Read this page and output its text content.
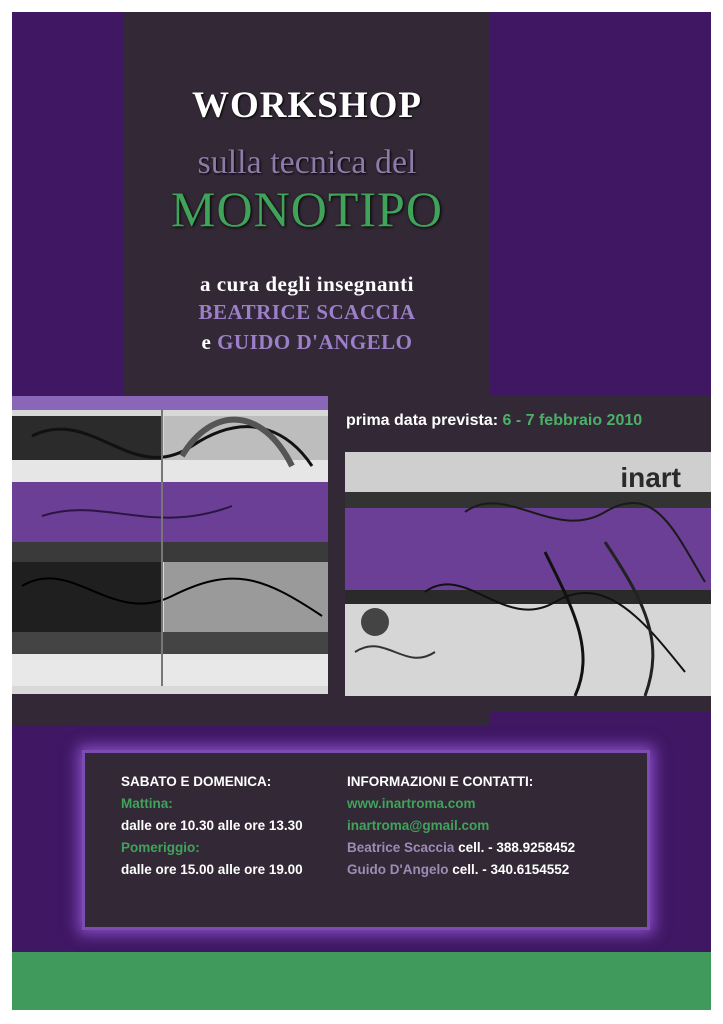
WORKSHOP
sulla tecnica del
MONOTIPO
a cura degli insegnanti
BEATRICE SCACCIA
e GUIDO D'ANGELO
prima data prevista: 6 - 7 febbraio 2010
inart
SABATO E DOMENICA:
Mattina:
dalle ore 10.30 alle ore 13.30
Pomeriggio:
dalle ore 15.00 alle ore 19.00
INFORMAZIONI E CONTATTI:
www.inartroma.com
inartroma@gmail.com
Beatrice Scaccia cell. - 388.9258452
Guido D'Angelo cell. - 340.6154552
